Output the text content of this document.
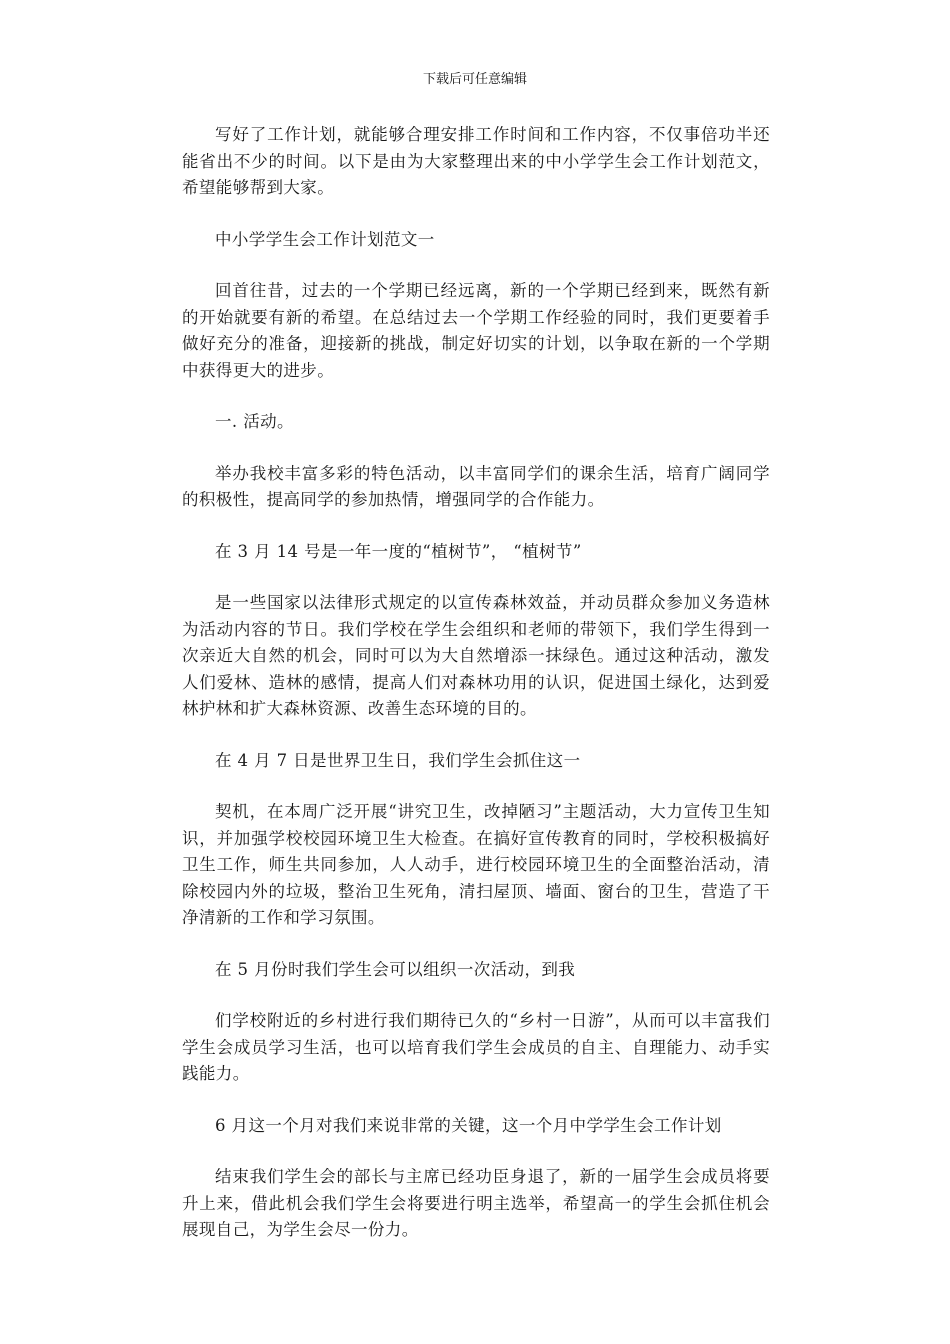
下载后可任意编辑

写好了工作计划，就能够合理安排工作时间和工作内容，不仅事倍功半还能省出不少的时间。以下是由为大家整理出来的中小学学生会工作计划范文，希望能够帮到大家。

中小学学生会工作计划范文一

回首往昔，过去的一个学期已经远离，新的一个学期已经到来，既然有新的开始就要有新的希望。在总结过去一个学期工作经验的同时，我们更要着手做好充分的准备，迎接新的挑战，制定好切实的计划，以争取在新的一个学期中获得更大的进步。

一. 活动。

举办我校丰富多彩的特色活动，以丰富同学们的课余生活，培育广阔同学的积极性，提高同学的参加热情，增强同学的合作能力。

在 3 月 14 号是一年一度的“植树节”， “植树节”

是一些国家以法律形式规定的以宣传森林效益，并动员群众参加义务造林为活动内容的节日。我们学校在学生会组织和老师的带领下，我们学生得到一次亲近大自然的机会，同时可以为大自然增添一抹绿色。通过这种活动，激发人们爱林、造林的感情，提高人们对森林功用的认识，促进国土绿化，达到爱林护林和扩大森林资源、改善生态环境的目的。

在 4 月 7 日是世界卫生日，我们学生会抓住这一

契机，在本周广泛开展“讲究卫生，改掉陋习”主题活动，大力宣传卫生知识，并加强学校校园环境卫生大检查。在搞好宣传教育的同时，学校积极搞好卫生工作，师生共同参加，人人动手，进行校园环境卫生的全面整治活动，清除校园内外的垃圾，整治卫生死角，清扫屋顶、墙面、窗台的卫生，营造了干净清新的工作和学习氛围。

在 5 月份时我们学生会可以组织一次活动，到我

们学校附近的乡村进行我们期待已久的“乡村一日游”，从而可以丰富我们学生会成员学习生活，也可以培育我们学生会成员的自主、自理能力、动手实践能力。

6 月这一个月对我们来说非常的关键，这一个月中学学生会工作计划

结束我们学生会的部长与主席已经功臣身退了，新的一届学生会成员将要升上来，借此机会我们学生会将要进行明主选举，希望高一的学生会抓住机会展现自己，为学生会尽一份力。
